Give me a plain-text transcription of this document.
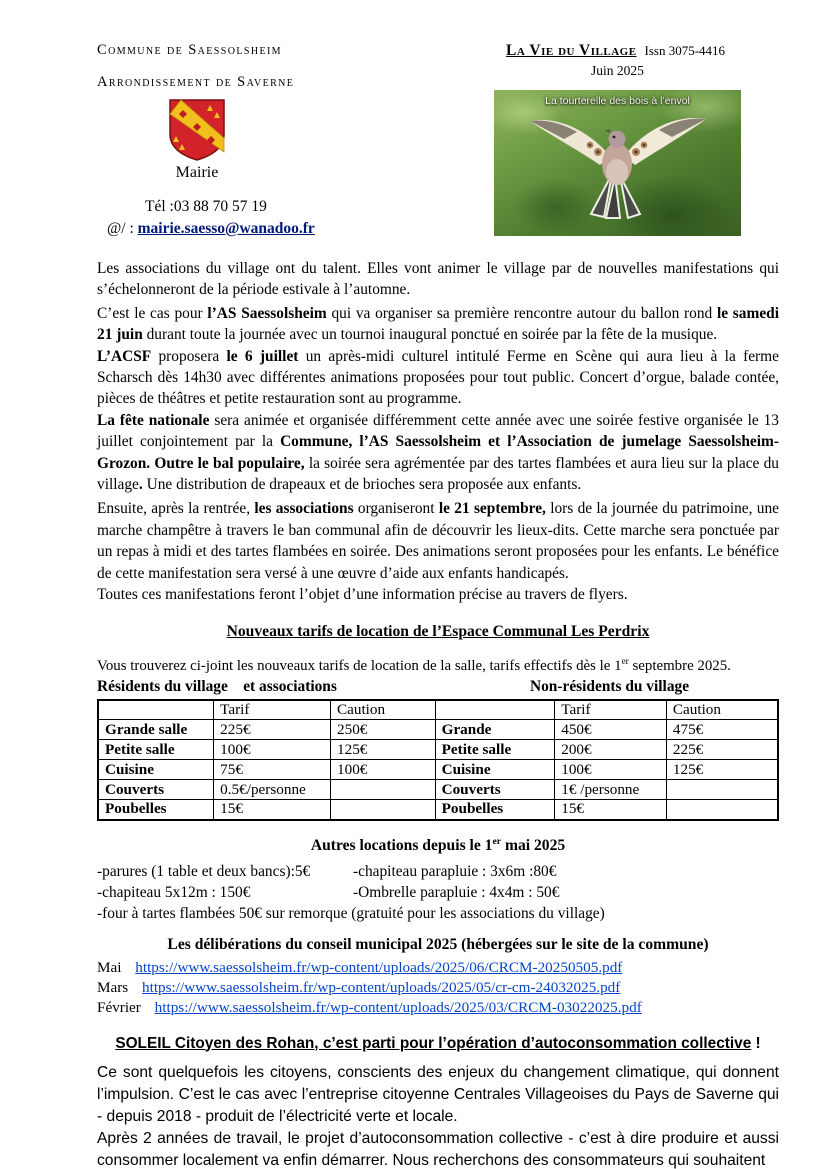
Commune de Saessolsheim
Arrondissement de Saverne
Mairie
Tél :03 88 70 57 19
@/ : mairie.saesso@wanadoo.fr
La Vie du Village Issn 3075-4416
Juin 2025
La tourterelle des bois à l’envol

Les associations du village ont du talent. Elles vont animer le village par de nouvelles manifestations qui s’échelonneront de la période estivale à l’automne.

C’est le cas pour l’AS Saessolsheim qui va organiser sa première rencontre autour du ballon rond le samedi 21 juin durant toute la journée avec un tournoi inaugural ponctué en soirée par la fête de la musique.

L’ACSF proposera le 6 juillet un après-midi culturel intitulé Ferme en Scène qui aura lieu à la ferme Scharsch dès 14h30 avec différentes animations proposées pour tout public. Concert d’orgue, balade contée, pièces de théâtres et petite restauration sont au programme.

La fête nationale sera animée et organisée différemment cette année avec une soirée festive organisée le 13 juillet conjointement par la Commune, l’AS Saessolsheim et l’Association de jumelage Saessolsheim-Grozon. Outre le bal populaire, la soirée sera agrémentée par des tartes flambées et aura lieu sur la place du village. Une distribution de drapeaux et de brioches sera proposée aux enfants.

Ensuite, après la rentrée, les associations organiseront le 21 septembre, lors de la journée du patrimoine, une marche champêtre à travers le ban communal afin de découvrir les lieux-dits. Cette marche sera ponctuée par un repas à midi et des tartes flambées en soirée. Des animations seront proposées pour les enfants. Le bénéfice de cette manifestation sera versé à une œuvre d’aide aux enfants handicapés.

Toutes ces manifestations feront l’objet d’une information précise au travers de flyers.

Nouveaux tarifs de location de l’Espace Communal Les Perdrix

Vous trouverez ci-joint les nouveaux tarifs de location de la salle, tarifs effectifs dès le 1er septembre 2025.

Résidents du village    et associations	Non-résidents du village
	Tarif	Caution		Tarif	Caution
Grande salle	225€	250€	Grande	450€	475€
Petite salle	100€	125€	Petite salle	200€	225€
Cuisine	75€	100€	Cuisine	100€	125€
Couverts	0.5€/personne		Couverts	1€ /personne	
Poubelles	15€		Poubelles	15€	
Autres locations depuis le 1er mai 2025
-parures (1 table et deux bancs):5€	-chapiteau parapluie : 3x6m :80€
-chapiteau 5x12m : 150€	-Ombrelle parapluie : 4x4m : 50€
-four à tartes flambées 50€ sur remorque (gratuité pour les associations du village)
Les délibérations du conseil municipal 2025 (hébergées sur le site de la commune)
Mai https://www.saessolsheim.fr/wp-content/uploads/2025/06/CRCM-20250505.pdf
Mars https://www.saessolsheim.fr/wp-content/uploads/2025/05/cr-cm-24032025.pdf
Février https://www.saessolsheim.fr/wp-content/uploads/2025/03/CRCM-03022025.pdf
SOLEIL Citoyen des Rohan, c’est parti pour l’opération d’autoconsommation collective !

Ce sont quelquefois les citoyens, conscients des enjeux du changement climatique, qui donnent l’impulsion. C’est le cas avec l’entreprise citoyenne Centrales Villageoises du Pays de Saverne qui - depuis 2018 - produit de l’électricité verte et locale.

Après 2 années de travail, le projet d’autoconsommation collective - c’est à dire produire et aussi consommer localement va enfin démarrer. Nous recherchons des consommateurs qui souhaitent
